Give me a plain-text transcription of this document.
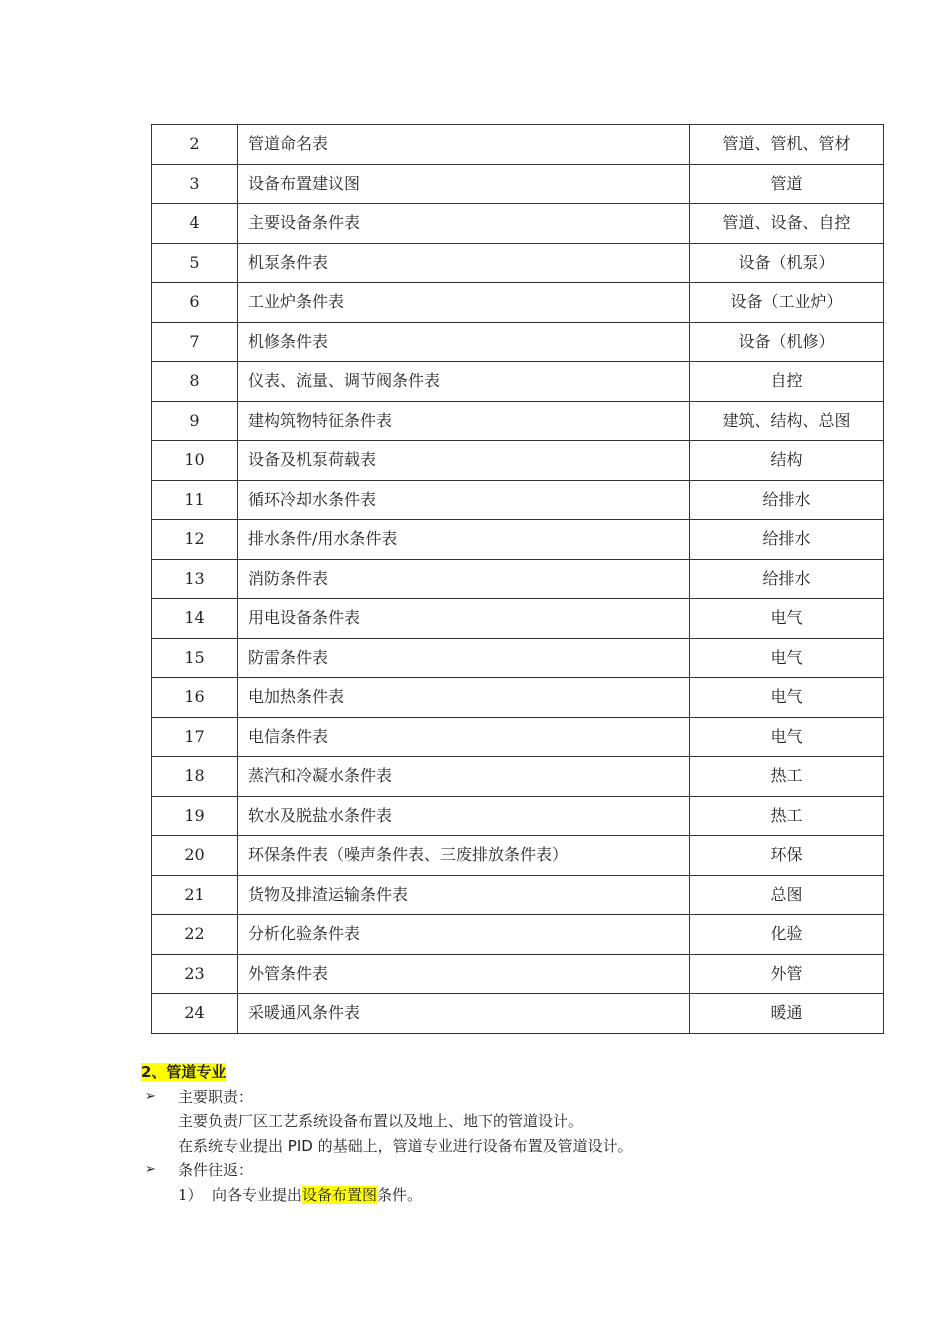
2	管道命名表	管道、管机、管材
3	设备布置建议图	管道
4	主要设备条件表	管道、设备、自控
5	机泵条件表	设备（机泵）
6	工业炉条件表	设备（工业炉）
7	机修条件表	设备（机修）
8	仪表、流量、调节阀条件表	自控
9	建构筑物特征条件表	建筑、结构、总图
10	设备及机泵荷载表	结构
11	循环冷却水条件表	给排水
12	排水条件/用水条件表	给排水
13	消防条件表	给排水
14	用电设备条件表	电气
15	防雷条件表	电气
16	电加热条件表	电气
17	电信条件表	电气
18	蒸汽和冷凝水条件表	热工
19	软水及脱盐水条件表	热工
20	环保条件表（噪声条件表、三废排放条件表）	环保
21	货物及排渣运输条件表	总图
22	分析化验条件表	化验
23	外管条件表	外管
24	采暖通风条件表	暖通
2、管道专业
➢ 主要职责：
主要负责厂区工艺系统设备布置以及地上、地下的管道设计。
在系统专业提出 PID 的基础上，管道专业进行设备布置及管道设计。
➢ 条件往返：
1） 向各专业提出设备布置图条件。
